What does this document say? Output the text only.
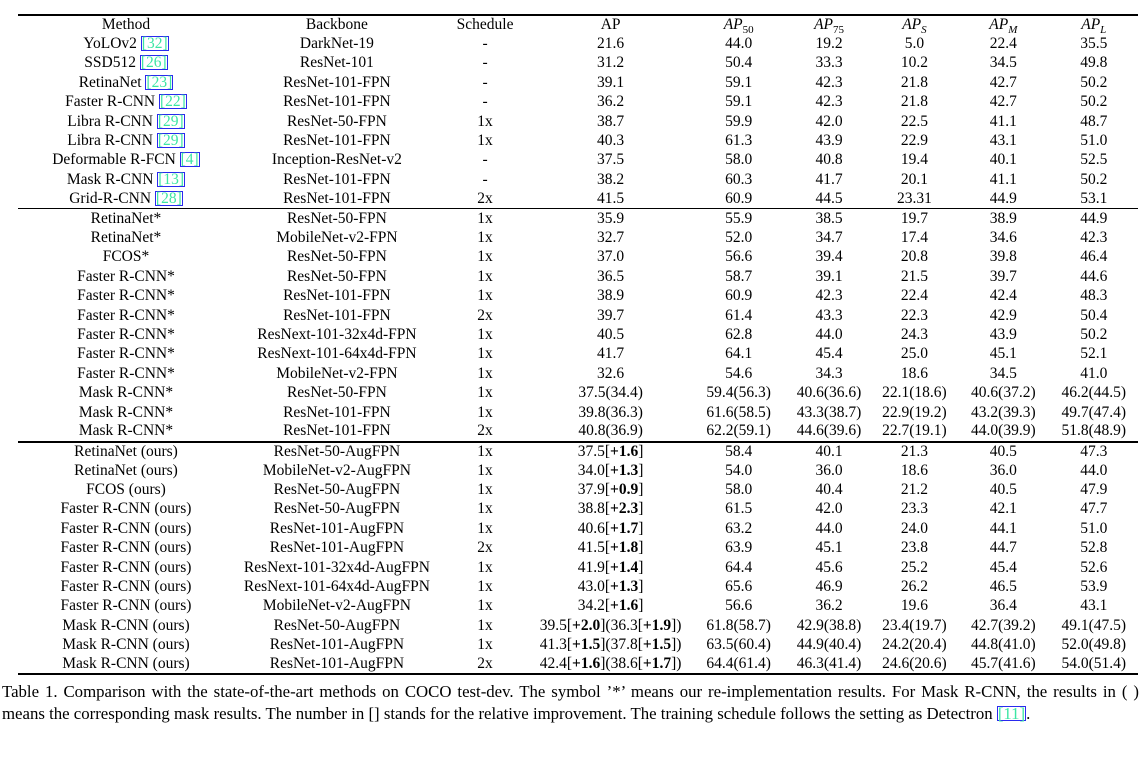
Method	Backbone	Schedule	AP	$AP_{50}$	$AP_{75}$	$AP_S$	$AP_M$	$AP_L$
YoLOv2 [32]	DarkNet-19	-	21.6	44.0	19.2	5.0	22.4	35.5
SSD512 [26]	ResNet-101	-	31.2	50.4	33.3	10.2	34.5	49.8
RetinaNet [23]	ResNet-101-FPN	-	39.1	59.1	42.3	21.8	42.7	50.2
Faster R-CNN [22]	ResNet-101-FPN	-	36.2	59.1	42.3	21.8	42.7	50.2
Libra R-CNN [29]	ResNet-50-FPN	1x	38.7	59.9	42.0	22.5	41.1	48.7
Libra R-CNN [29]	ResNet-101-FPN	1x	40.3	61.3	43.9	22.9	43.1	51.0
Deformable R-FCN [4]	Inception-ResNet-v2	-	37.5	58.0	40.8	19.4	40.1	52.5
Mask R-CNN [13]	ResNet-101-FPN	-	38.2	60.3	41.7	20.1	41.1	50.2
Grid-R-CNN [28]	ResNet-101-FPN	2x	41.5	60.9	44.5	23.31	44.9	53.1
RetinaNet*	ResNet-50-FPN	1x	35.9	55.9	38.5	19.7	38.9	44.9
RetinaNet*	MobileNet-v2-FPN	1x	32.7	52.0	34.7	17.4	34.6	42.3
FCOS*	ResNet-50-FPN	1x	37.0	56.6	39.4	20.8	39.8	46.4
Faster R-CNN*	ResNet-50-FPN	1x	36.5	58.7	39.1	21.5	39.7	44.6
Faster R-CNN*	ResNet-101-FPN	1x	38.9	60.9	42.3	22.4	42.4	48.3
Faster R-CNN*	ResNet-101-FPN	2x	39.7	61.4	43.3	22.3	42.9	50.4
Faster R-CNN*	ResNext-101-32x4d-FPN	1x	40.5	62.8	44.0	24.3	43.9	50.2
Faster R-CNN*	ResNext-101-64x4d-FPN	1x	41.7	64.1	45.4	25.0	45.1	52.1
Faster R-CNN*	MobileNet-v2-FPN	1x	32.6	54.6	34.3	18.6	34.5	41.0
Mask R-CNN*	ResNet-50-FPN	1x	37.5(34.4)	59.4(56.3)	40.6(36.6)	22.1(18.6)	40.6(37.2)	46.2(44.5)
Mask R-CNN*	ResNet-101-FPN	1x	39.8(36.3)	61.6(58.5)	43.3(38.7)	22.9(19.2)	43.2(39.3)	49.7(47.4)
Mask R-CNN*	ResNet-101-FPN	2x	40.8(36.9)	62.2(59.1)	44.6(39.6)	22.7(19.1)	44.0(39.9)	51.8(48.9)
RetinaNet (ours)	ResNet-50-AugFPN	1x	37.5[+1.6]	58.4	40.1	21.3	40.5	47.3
RetinaNet (ours)	MobileNet-v2-AugFPN	1x	34.0[+1.3]	54.0	36.0	18.6	36.0	44.0
FCOS (ours)	ResNet-50-AugFPN	1x	37.9[+0.9]	58.0	40.4	21.2	40.5	47.9
Faster R-CNN (ours)	ResNet-50-AugFPN	1x	38.8[+2.3]	61.5	42.0	23.3	42.1	47.7
Faster R-CNN (ours)	ResNet-101-AugFPN	1x	40.6[+1.7]	63.2	44.0	24.0	44.1	51.0
Faster R-CNN (ours)	ResNet-101-AugFPN	2x	41.5[+1.8]	63.9	45.1	23.8	44.7	52.8
Faster R-CNN (ours)	ResNext-101-32x4d-AugFPN	1x	41.9[+1.4]	64.4	45.6	25.2	45.4	52.6
Faster R-CNN (ours)	ResNext-101-64x4d-AugFPN	1x	43.0[+1.3]	65.6	46.9	26.2	46.5	53.9
Faster R-CNN (ours)	MobileNet-v2-AugFPN	1x	34.2[+1.6]	56.6	36.2	19.6	36.4	43.1
Mask R-CNN (ours)	ResNet-50-AugFPN	1x	39.5[+2.0](36.3[+1.9])	61.8(58.7)	42.9(38.8)	23.4(19.7)	42.7(39.2)	49.1(47.5)
Mask R-CNN (ours)	ResNet-101-AugFPN	1x	41.3[+1.5](37.8[+1.5])	63.5(60.4)	44.9(40.4)	24.2(20.4)	44.8(41.0)	52.0(49.8)
Mask R-CNN (ours)	ResNet-101-AugFPN	2x	42.4[+1.6](38.6[+1.7])	64.4(61.4)	46.3(41.4)	24.6(20.6)	45.7(41.6)	54.0(51.4)
Table 1. Comparison with the state-of-the-art methods on COCO test-dev. The symbol ’*’ means our re-implementation results. For Mask R-CNN, the results in ( ) means the corresponding mask results. The number in [] stands for the relative improvement. The training schedule follows the setting as Detectron [11].
